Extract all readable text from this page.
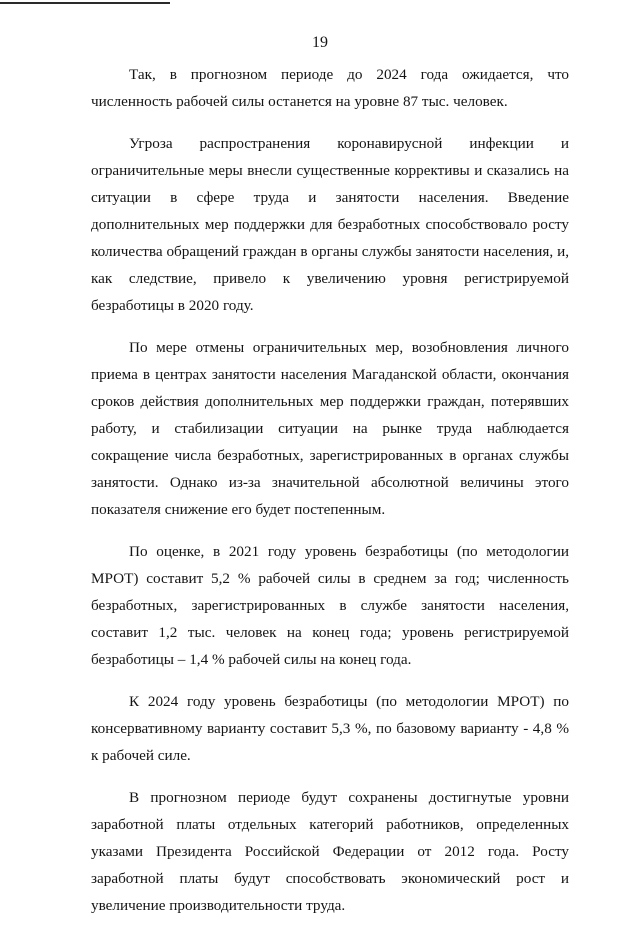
19

Так, в прогнозном периоде до 2024 года ожидается, что численность рабочей силы останется на уровне 87 тыс. человек.

Угроза распространения коронавирусной инфекции и ограничительные меры внесли существенные коррективы и сказались на ситуации в сфере труда и занятости населения. Введение дополнительных мер поддержки для безработных способствовало росту количества обращений граждан в органы службы занятости населения, и, как следствие, привело к увеличению уровня регистрируемой безработицы в 2020 году.

По мере отмены ограничительных мер, возобновления личного приема в центрах занятости населения Магаданской области, окончания сроков действия дополнительных мер поддержки граждан, потерявших работу, и стабилизации ситуации на рынке труда наблюдается сокращение числа безработных, зарегистрированных в органах службы занятости. Однако из-за значительной абсолютной величины этого показателя снижение его будет постепенным.

По оценке, в 2021 году уровень безработицы (по методологии МРОТ) составит 5,2 % рабочей силы в среднем за год; численность безработных, зарегистрированных в службе занятости населения, составит 1,2 тыс. человек на конец года; уровень регистрируемой безработицы – 1,4 % рабочей силы на конец года.

К 2024 году уровень безработицы (по методологии МРОТ) по консервативному варианту составит 5,3 %, по базовому варианту - 4,8 % к рабочей силе.

В прогнозном периоде будут сохранены достигнутые уровни заработной платы отдельных категорий работников, определенных указами Президента Российской Федерации от 2012 года. Росту заработной платы будут способствовать экономический рост и увеличение производительности труда.
